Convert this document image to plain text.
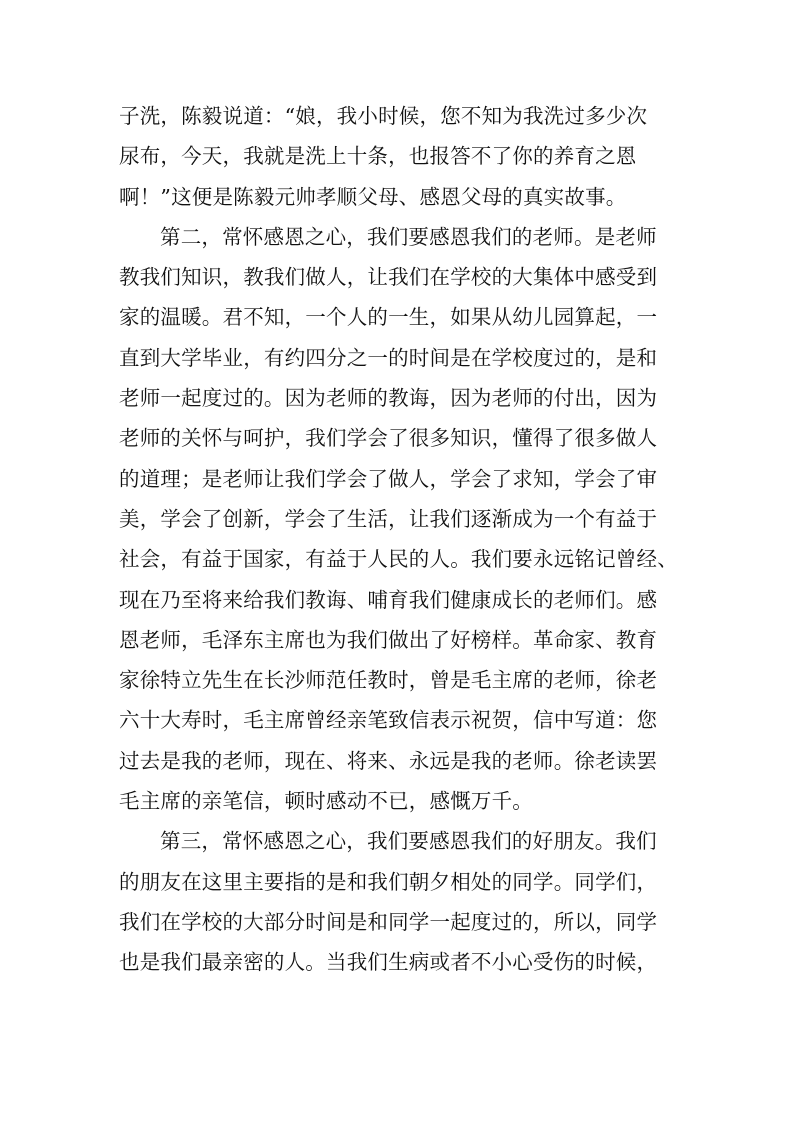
子洗，陈毅说道：“娘，我小时候，您不知为我洗过多少次
尿布，今天，我就是洗上十条，也报答不了你的养育之恩
啊！”这便是陈毅元帅孝顺父母、感恩父母的真实故事。
第二，常怀感恩之心，我们要感恩我们的老师。是老师
教我们知识，教我们做人，让我们在学校的大集体中感受到
家的温暖。君不知，一个人的一生，如果从幼儿园算起，一
直到大学毕业，有约四分之一的时间是在学校度过的，是和
老师一起度过的。因为老师的教诲，因为老师的付出，因为
老师的关怀与呵护，我们学会了很多知识，懂得了很多做人
的道理；是老师让我们学会了做人，学会了求知，学会了审
美，学会了创新，学会了生活，让我们逐渐成为一个有益于
社会，有益于国家，有益于人民的人。我们要永远铭记曾经、
现在乃至将来给我们教诲、哺育我们健康成长的老师们。感
恩老师，毛泽东主席也为我们做出了好榜样。革命家、教育
家徐特立先生在长沙师范任教时，曾是毛主席的老师，徐老
六十大寿时，毛主席曾经亲笔致信表示祝贺，信中写道：您
过去是我的老师，现在、将来、永远是我的老师。徐老读罢
毛主席的亲笔信，顿时感动不已，感慨万千。
第三，常怀感恩之心，我们要感恩我们的好朋友。我们
的朋友在这里主要指的是和我们朝夕相处的同学。同学们，
我们在学校的大部分时间是和同学一起度过的，所以，同学
也是我们最亲密的人。当我们生病或者不小心受伤的时候，
